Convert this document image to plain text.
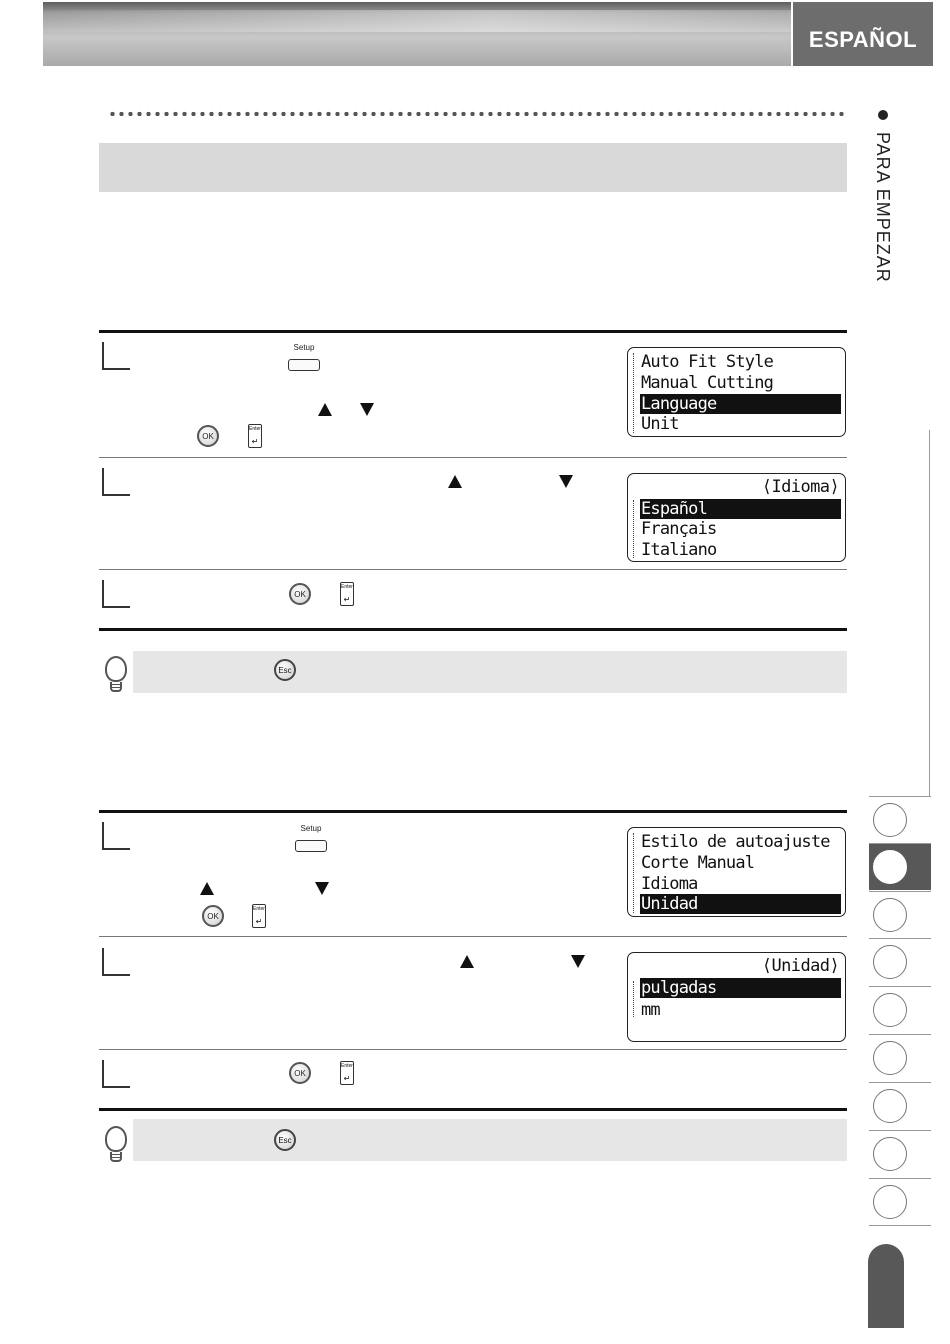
ESPAÑOL
PARA EMPEZAR
Setup
OK
Enter
↵
Auto Fit Style
Manual Cutting
Language
Unit
⟨Idioma⟩
Español
Français
Italiano
OK
Enter
↵
Esc
Setup
OK
Enter
↵
Estilo de autoajuste
Corte Manual
Idioma
Unidad
⟨Unidad⟩
pulgadas
mm
OK
Enter
↵
Esc
